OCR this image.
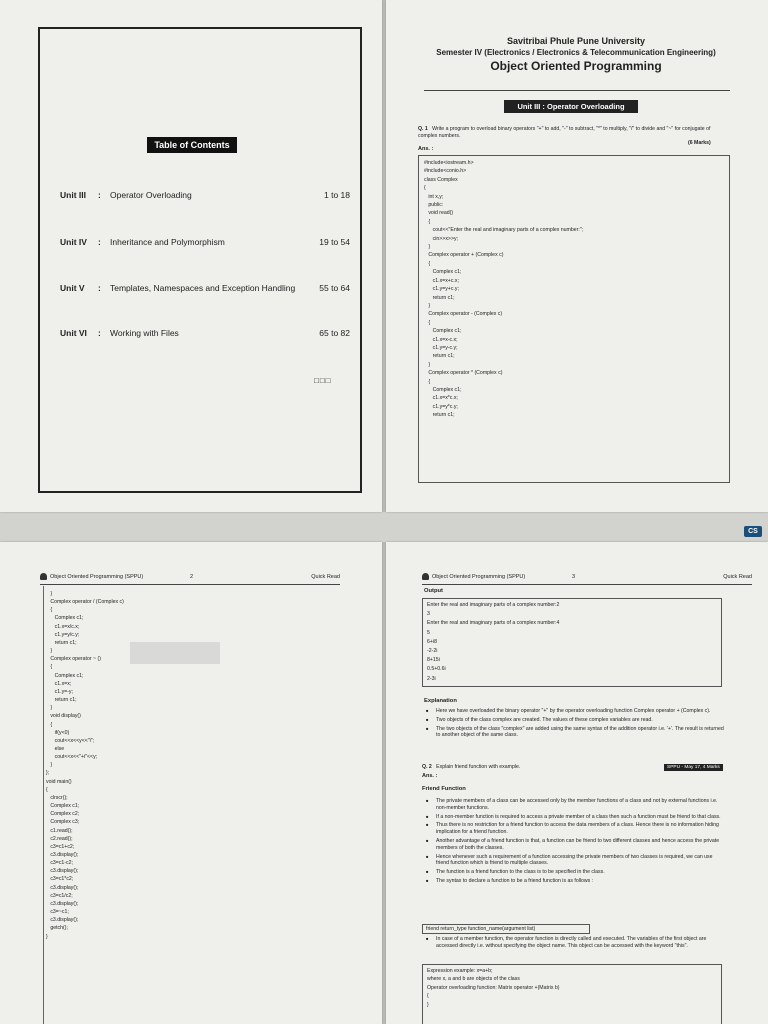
CS
Table of Contents
Unit III	:	Operator Overloading	1 to 18
Unit IV	:	Inheritance and Polymorphism	19 to 54
Unit V	:	Templates, Namespaces and Exception Handling	55 to 64
Unit VI	:	Working with Files	65 to 82
□□□
Savitribai Phule Pune University
Semester IV (Electronics / Electronics & Telecommunication Engineering)
Object Oriented Programming
Unit III : Operator Overloading
Q. 1 Write a program to overload binary operators "+" to add, "-" to subtract, "*" to multiply, "/" to divide and "~" for conjugate of complex numbers.
(6 Marks)
Ans. :
#include<iostream.h>
#include<conio.h>
class Complex
{
int x,y;
public:
void read()
{
cout<<"Enter the real and imaginary parts of a complex number:";
cin>>x>>y;
}
Complex operator + (Complex c)
{
Complex c1;
c1.x=x+c.x;
c1.y=y+c.y;
return c1;
}
Complex operator - (Complex c)
{
Complex c1;
c1.x=x-c.x;
c1.y=y-c.y;
return c1;
}
Complex operator * (Complex c)
{
Complex c1;
c1.x=x*c.x;
c1.y=y*c.y;
return c1;
Object Oriented Programming (SPPU)	2	Quick Read
}
Complex operator / (Complex c)
{
Complex c1;
c1.x=x/c.x;
c1.y=y/c.y;
return c1;
}
Complex operator ~ ()
{
Complex c1;
c1.x=x;
c1.y=-y;
return c1;
}
void display()
{
if(y<0)
cout<<x<<y<<"i";
else
cout<<x<<"+i"<<y;
}
};
void main()
{
clrscr();
Complex c1;
Complex c2;
Complex c3;
c1.read();
c2.read();
c3=c1+c2;
c3.display();
c3=c1-c2;
c3.display();
c3=c1*c2;
c3.display();
c3=c1/c2;
c3.display();
c3=~c1;
c3.display();
getch();
}
Object Oriented Programming (SPPU)	3	Quick Read
Output
Enter the real and imaginary parts of a complex number:2
3
Enter the real and imaginary parts of a complex number:4
5
6+i8
-2-2i
8+15i
0.5+0.6i
2-3i
Explanation
■ Here we have overloaded the binary operator "+" by the operator overloading function Complex operator + (Complex c).
■ Two objects of the class complex are created. The values of these complex variables are read.
■ The two objects of the class "complex" are added using the same syntax of the addition operator i.e. '+'. The result is returned to another object of the same class.
Q. 2 Explain friend function with example.	SPPU - May 17, 4 Marks
Ans. :
Friend Function
■ The private members of a class can be accessed only by the member functions of a class and not by external functions i.e. non-member functions.
■ If a non-member function is required to access a private member of a class then such a function must be friend to that class.
■ Thus there is no restriction for a friend function to access the data members of a class. Hence there is no information hiding implication for a friend function.
■ Another advantage of a friend function is that, a function can be friend to two different classes and hence access the private members of both the classes.
■ Hence whenever such a requirement of a function accessing the private members of two classes is required, we can use friend function which is friend to multiple classes.
■ The function is a friend function to the class is to be specified in the class.
■ The syntax to declare a function to be a friend function is as follows :
friend return_type function_name(argument list)
■ In case of a member function, the operator function is directly called and executed. The variables of the first object are accessed directly i.e. without specifying the object name. This object can be accessed with the keyword "this".
Expression example: x=a+b;
where x, a and b are objects of the class
Operator overloading function: Matrix operator +(Matrix b)
{
}
